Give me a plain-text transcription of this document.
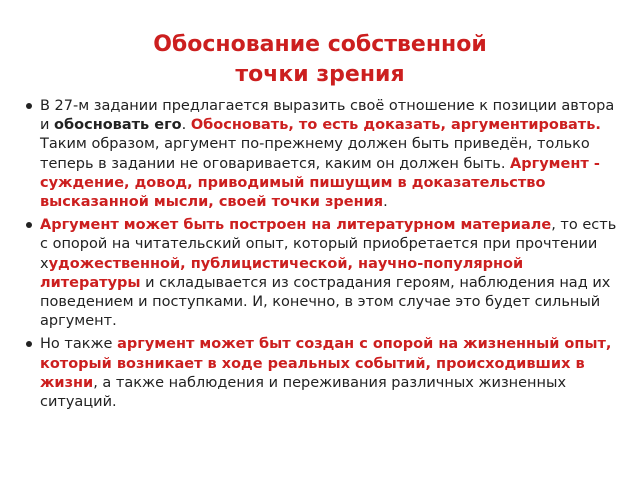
Обоснование собственной
точки зрения
В 27-м задании предлагается выразить своё отношение к позиции автора и обосновать его. Обосновать, то есть доказать, аргументировать. Таким образом, аргумент по-прежнему должен быть приведён, только теперь в задании не оговаривается, каким он должен быть. Аргумент - суждение, довод, приводимый пишущим в доказательство высказанной мысли, своей точки зрения.
Аргумент может быть построен на литературном материале, то есть с опорой на читательский опыт, который приобретается при прочтении художественной, публицистической, научно-популярной литературы и складывается из сострадания героям, наблюдения над их поведением и поступками. И, конечно, в этом случае это будет сильный аргумент.
Но также аргумент может быт создан с опорой на жизненный опыт, который возникает в ходе реальных событий, происходивших в жизни, а также наблюдения и переживания различных жизненных ситуаций.
